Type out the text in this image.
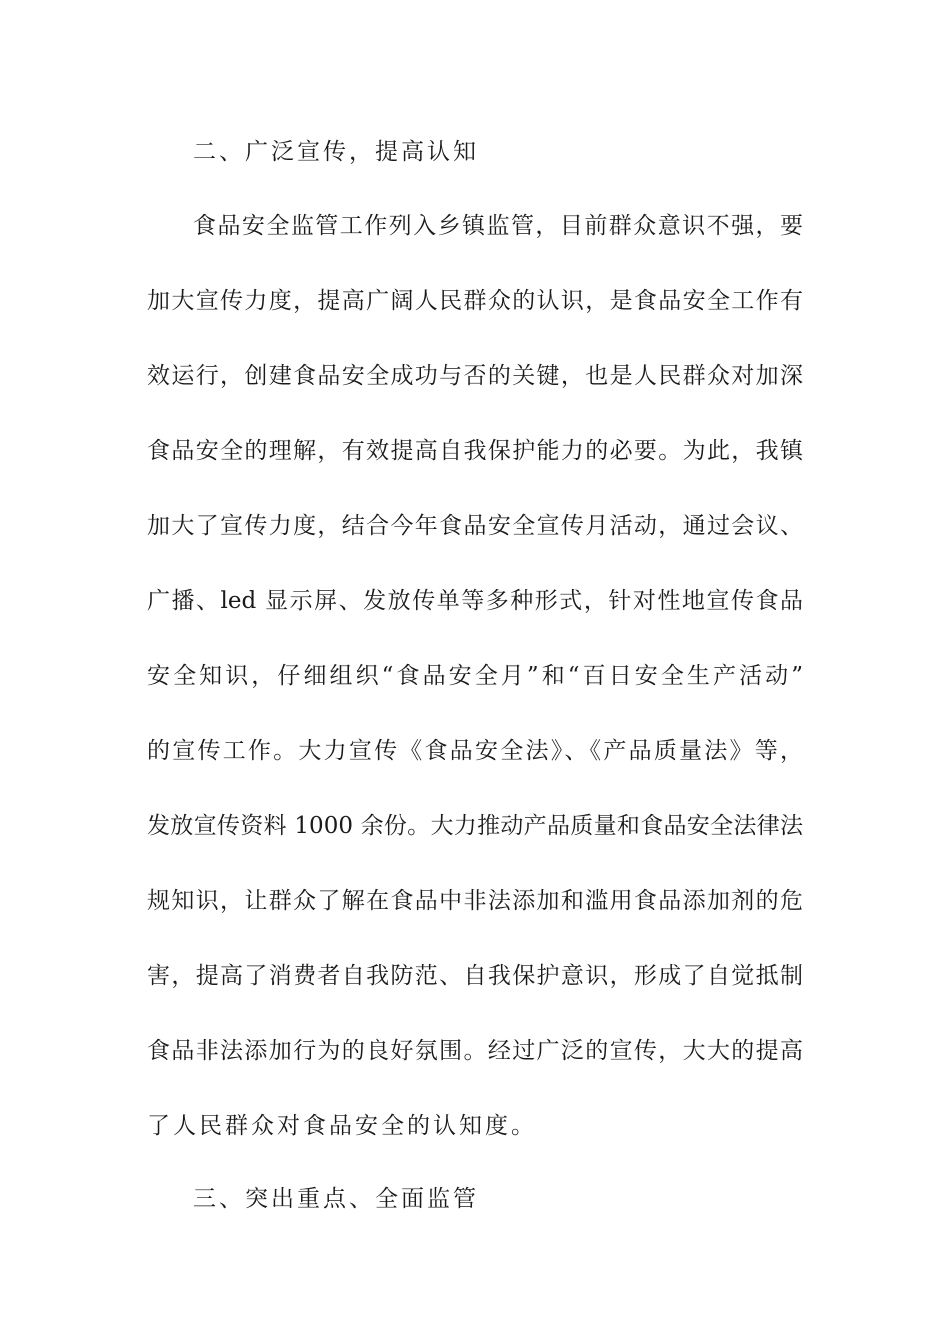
二、广泛宣传，提高认知
食品安全监管工作列入乡镇监管，目前群众意识不强，要
加大宣传力度，提高广阔人民群众的认识，是食品安全工作有
效运行，创建食品安全成功与否的关键，也是人民群众对加深
食品安全的理解，有效提高自我保护能力的必要。为此，我镇
加大了宣传力度，结合今年食品安全宣传月活动，通过会议、
广播、led 显示屏、发放传单等多种形式，针对性地宣传食品
安全知识，仔细组织“食品安全月”和“百日安全生产活动”
的宣传工作。大力宣传《食品安全法》、《产品质量法》等，
发放宣传资料 1000 余份。大力推动产品质量和食品安全法律法
规知识，让群众了解在食品中非法添加和滥用食品添加剂的危
害，提高了消费者自我防范、自我保护意识，形成了自觉抵制
食品非法添加行为的良好氛围。经过广泛的宣传，大大的提高
了人民群众对食品安全的认知度。
三、突出重点、全面监管
